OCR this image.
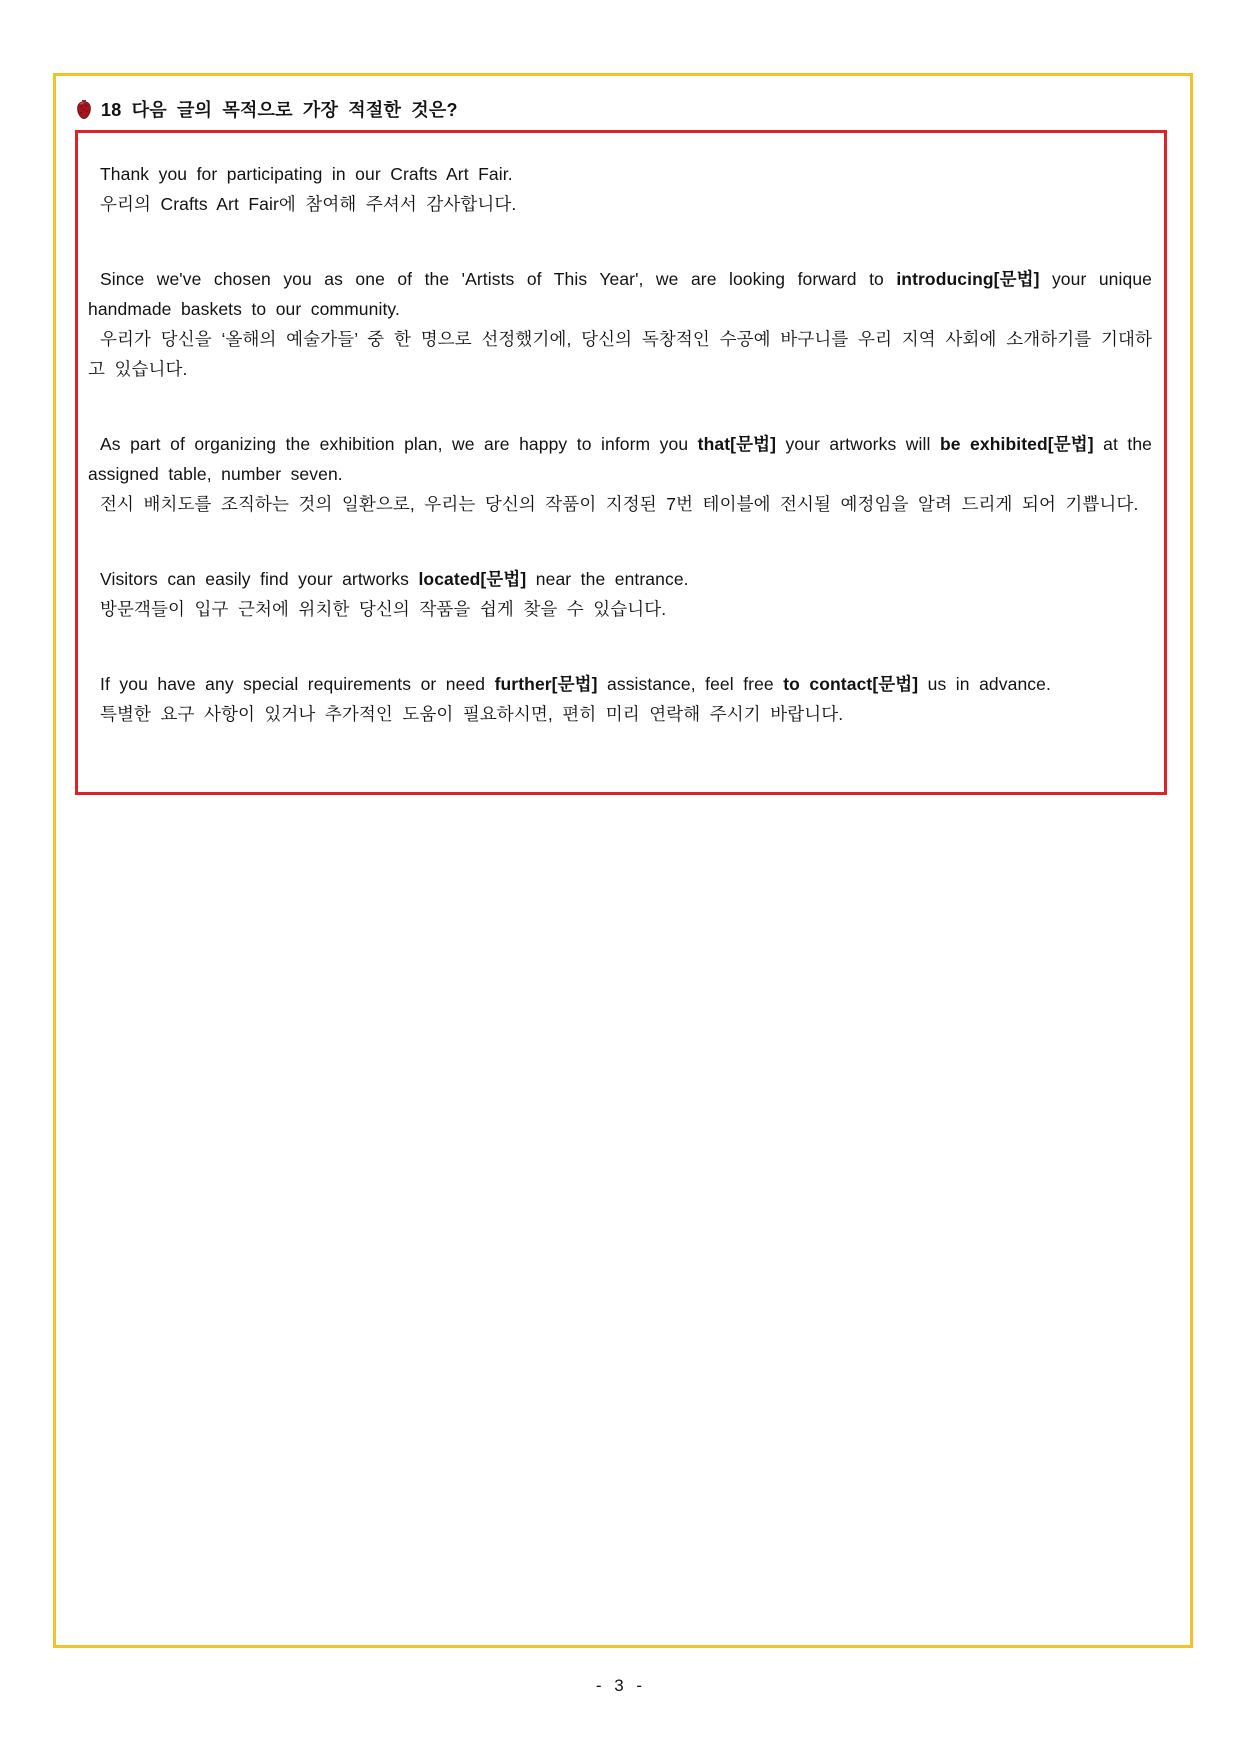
18 다음 글의 목적으로 가장 적절한 것은?

Thank you for participating in our Crafts Art Fair.

우리의 Crafts Art Fair에 참여해 주셔서 감사합니다.

Since we've chosen you as one of the 'Artists of This Year', we are looking forward to introducing[문법] your unique handmade baskets to our community.

우리가 당신을 ‘올해의 예술가들’ 중 한 명으로 선정했기에, 당신의 독창적인 수공예 바구니를 우리 지역 사회에 소개하기를 기대하고 있습니다.

As part of organizing the exhibition plan, we are happy to inform you that[문법] your artworks will be exhibited[문법] at the assigned table, number seven.

전시 배치도를 조직하는 것의 일환으로, 우리는 당신의 작품이 지정된 7번 테이블에 전시될 예정임을 알려 드리게 되어 기쁩니다.

Visitors can easily find your artworks located[문법] near the entrance.

방문객들이 입구 근처에 위치한 당신의 작품을 쉽게 찾을 수 있습니다.

If you have any special requirements or need further[문법] assistance, feel free to contact[문법] us in advance.

특별한 요구 사항이 있거나 추가적인 도움이 필요하시면, 편히 미리 연락해 주시기 바랍니다.

- 3 -
